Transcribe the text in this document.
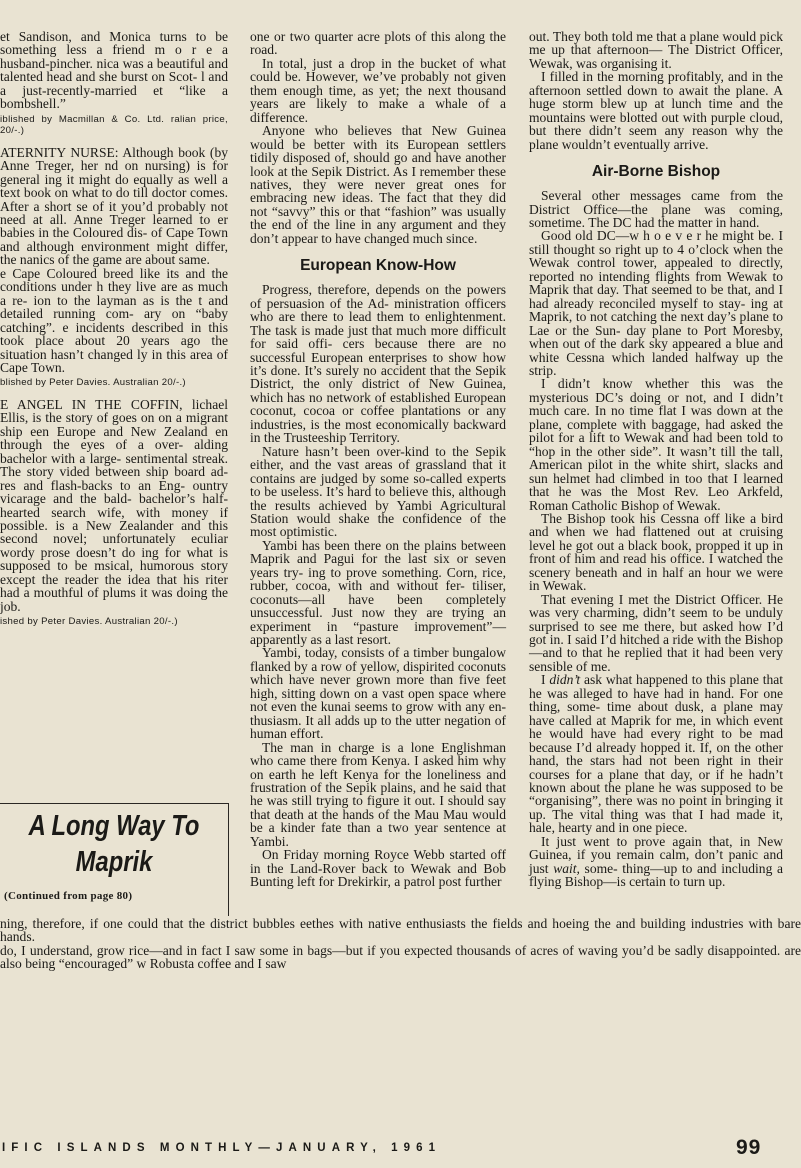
et Sandison, and Monica turns to be something less a friend m o r e a husband-pincher. nica was a beautiful and talented head and she burst on Scot- l and a just-recently-married et “like a bombshell.”

iblished by Macmillan & Co. Ltd. ralian price, 20/-.)

ATERNITY NURSE: Although book (by Anne Treger, her nd on nursing) is for general ing it might do equally as well a text book on what to do till doctor comes. After a short se of it you’d probably not need at all. Anne Treger learned to er babies in the Coloured dis- of Cape Town and although environment might differ, the nanics of the game are about same.

e Cape Coloured breed like its and the conditions under h they live are as much a re- ion to the layman as is the t and detailed running com- ary on “baby catching”. e incidents described in this took place about 20 years ago the situation hasn’t changed ly in this area of Cape Town.

blished by Peter Davies. Australian 20/-.)

E ANGEL IN THE COFFIN, lichael Ellis, is the story of goes on on a migrant ship een Europe and New Zealand en through the eyes of a over- alding bachelor with a large- sentimental streak. The story vided between ship board ad- res and flash-backs to an Eng- ountry vicarage and the bald- bachelor’s half-hearted search wife, with money if possible. is a New Zealander and this second novel; unfortunately eculiar wordy prose doesn’t do ing for what is supposed to be msical, humorous story except the reader the idea that his riter had a mouthful of plums it was doing the job.

ished by Peter Davies. Australian 20/-.)
A Long Way To
Maprik
(Continued from page 80)

ning, therefore, if one could that the district bubbles eethes with native enthusiasts the fields and hoeing the and building industries with bare hands.

do, I understand, grow rice—and in fact I saw some in bags—but if you expected thousands of acres of waving you’d be sadly disappointed. are also being “encouraged” w Robusta coffee and I saw

one or two quarter acre plots of this along the road.

In total, just a drop in the bucket of what could be. However, we’ve probably not given them enough time, as yet; the next thousand years are likely to make a whale of a difference.

Anyone who believes that New Guinea would be better with its European settlers tidily disposed of, should go and have another look at the Sepik District. As I remember these natives, they were never great ones for embracing new ideas. The fact that they did not “savvy” this or that “fashion” was usually the end of the line in any argument and they don’t appear to have changed much since.

European Know-How

Progress, therefore, depends on the powers of persuasion of the Ad- ministration officers who are there to lead them to enlightenment. The task is made just that much more difficult for said offi- cers because there are no successful European enterprises to show how it’s done. It’s surely no accident that the Sepik District, the only district of New Guinea, which has no network of established European coconut, cocoa or coffee plantations or any industries, is the most economically backward in the Trusteeship Territory.

Nature hasn’t been over-kind to the Sepik either, and the vast areas of grassland that it contains are judged by some so-called experts to be useless. It’s hard to believe this, although the results achieved by Yambi Agricultural Station would shake the confidence of the most optimistic.

Yambi has been there on the plains between Maprik and Pagui for the last six or seven years try- ing to prove something. Corn, rice, rubber, cocoa, with and without fer- tiliser, coconuts—all have been completely unsuccessful. Just now they are trying an experiment in “pasture improvement”—apparently as a last resort.

Yambi, today, consists of a timber bungalow flanked by a row of yellow, dispirited coconuts which have never grown more than five feet high, sitting down on a vast open space where not even the kunai seems to grow with any en- thusiasm. It all adds up to the utter negation of human effort.

The man in charge is a lone Englishman who came there from Kenya. I asked him why on earth he left Kenya for the loneliness and frustration of the Sepik plains, and he said that he was still trying to figure it out. I should say that death at the hands of the Mau Mau would be a kinder fate than a two year sentence at Yambi.

On Friday morning Royce Webb started off in the Land-Rover back to Wewak and Bob Bunting left for Drekirkir, a patrol post further

out. They both told me that a plane would pick me up that afternoon— The District Officer, Wewak, was organising it.

I filled in the morning profitably, and in the afternoon settled down to await the plane. A huge storm blew up at lunch time and the mountains were blotted out with purple cloud, but there didn’t seem any reason why the plane wouldn’t eventually arrive.

Air-Borne Bishop

Several other messages came from the District Office—the plane was coming, sometime. The DC had the matter in hand.

Good old DC—w h o e v e r he might be. I still thought so right up to 4 o’clock when the Wewak control tower, appealed to directly, reported no intending flights from Wewak to Maprik that day. That seemed to be that, and I had already reconciled myself to stay- ing at Maprik, to not catching the next day’s plane to Lae or the Sun- day plane to Port Moresby, when out of the dark sky appeared a blue and white Cessna which landed halfway up the strip.

I didn’t know whether this was the mysterious DC’s doing or not, and I didn’t much care. In no time flat I was down at the plane, complete with baggage, had asked the pilot for a lift to Wewak and had been told to “hop in the other side”. It wasn’t till the tall, American pilot in the white shirt, slacks and sun helmet had climbed in too that I learned that he was the Most Rev. Leo Arkfeld, Roman Catholic Bishop of Wewak.

The Bishop took his Cessna off like a bird and when we had flattened out at cruising level he got out a black book, propped it up in front of him and read his office. I watched the scenery beneath and in half an hour we were in Wewak.

That evening I met the District Officer. He was very charming, didn’t seem to be unduly surprised to see me there, but asked how I’d got in. I said I’d hitched a ride with the Bishop—and to that he replied that it had been very sensible of me.

I didn’t ask what happened to this plane that he was alleged to have had in hand. For one thing, some- time about dusk, a plane may have called at Maprik for me, in which event he would have had every right to be mad because I’d already hopped it. If, on the other hand, the stars had not been right in their courses for a plane that day, or if he hadn’t known about the plane he was supposed to be “organising”, there was no point in bringing it up. The vital thing was that I had made it, hale, hearty and in one piece.

It just went to prove again that, in New Guinea, if you remain calm, don’t panic and just wait, some- thing—up to and including a flying Bishop—is certain to turn up.

IFIC ISLANDS MONTHLY—JANUARY, 1961	99
